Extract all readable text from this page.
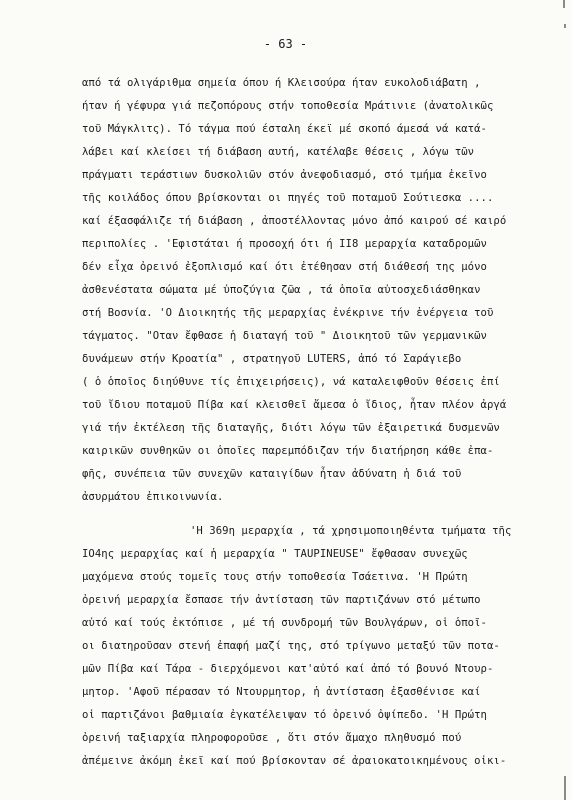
- 63 -
από τά ολιγάριθμα σημεία όπου ή Κλεισούρα ήταν ευκολοδιάβατη ,
ήταν ή γέφυρα γιά πεζοπόρους στήν τοποθεσία Μράτινιε (ἀνατολικῶς
τοῦ Μάγκλιτς). Τό τάγμα πού έσταλη έκεϊ μέ σκοπό άμεσά νά κατά-
λάβει καί κλείσει τή διάβαση αυτή, κατέλαβε θέσεις , λόγω τῶν
πράγματι τεράστιων δυσκολιῶν στόν ἀνεφοδιασμό, στό τμήμα ἐκεῖνο
τῆς κοιλάδος όπου βρίσκονται οι πηγές τοῦ ποταμοῦ Σούτιεσκα ....
καί έξασφάλιζε τή διάβαση , ἀποστέλλοντας μόνο ἀπό καιρού σέ καιρό
περιπολίες . 'Εφιστάται ή προσοχή ότι ή II8 μεραρχία καταδρομῶν
δέν εἶχα ὀρεινό ἐξοπλισμό καί ότι ἐτέθησαν στή διάθεσή της μόνο
ἀσθενέστατα σώματα μέ ὑποζύγια ζῶα , τά ὁποῖα αὐτοσχεδιάσθηκαν
στή Βοσνία. 'Ο Διοικητής τῆς μεραρχίας ἐνέκρινε τήν ἐνέργεια τοῦ
τάγματος. "Οταν ἔφθασε ἡ διαταγή τοῦ " Διοικητοῦ τῶν γερμανικῶν
δυνάμεων στήν Κροατία" , στρατηγοῦ LUTERS, ἀπό τό Σαράγιεβο
( ὁ ὁποῖος διηύθυνε τίς ἐπιχειρήσεις), νά καταλειφθοῦν θέσεις ἐπί
τοῦ ἴδιου ποταμοῦ Πίβα καί κλεισθεῖ ἄμεσα ὁ ἴδιος, ἦταν πλέον ἀργά
γιά τήν ἐκτέλεση τῆς διαταγῆς, διότι λόγω τῶν ἐξαιρετικά δυσμενῶν
καιρικῶν συνθηκῶν οι ὁποῖες παρεμπόδιζαν τήν διατήρηση κάθε ἐπα-
φῆς, συνέπεια τῶν συνεχῶν καταιγίδων ἦταν ἀδύνατη ἡ διά τοῦ
ἀσυρμάτου ἐπικοινωνία.
'Η 369η μεραρχία , τά χρησιμοποιηθέντα τμήματα τῆς
IO4ης μεραρχίας καί ἡ μεραρχία " TAUPINEUSE" ἔφθασαν συνεχῶς
μαχόμενα στούς τομεῖς τους στήν τοποθεσία Τσάετινα. 'Η Πρώτη
ὀρεινή μεραρχία ἔσπασε τήν ἀντίσταση τῶν παρτιζάνων στό μέτωπο
αὐτό καί τούς ἐκτόπισε , μέ τή συνδρομή τῶν Βουλγάρων, οἱ ὁποῖ-
οι διατηροῦσαν στενή ἐπαφή μαζί της, στό τρίγωνο μεταξύ τῶν ποτα-
μῶν Πίβα καί Τάρα - διερχόμενοι κατ'αὐτό καί ἀπό τό βουνό Ντουρ-
μητορ. 'Αφοῦ πέρασαν τό Ντουρμητορ, ἡ ἀντίσταση ἐξασθένισε καί
οἱ παρτιζάνοι βαθμιαία ἐγκατέλειψαν τό ὀρεινό ὀψίπεδο. 'Η Πρώτη
ὀρεινή ταξιαρχία πληροφοροῦσε , ὅτι στόν ἄμαχο πληθυσμό πού
ἀπέμεινε ἀκόμη ἐκεῖ καί πού βρίσκονταν σέ ἀραιοκατοικημένους οἰκι-
